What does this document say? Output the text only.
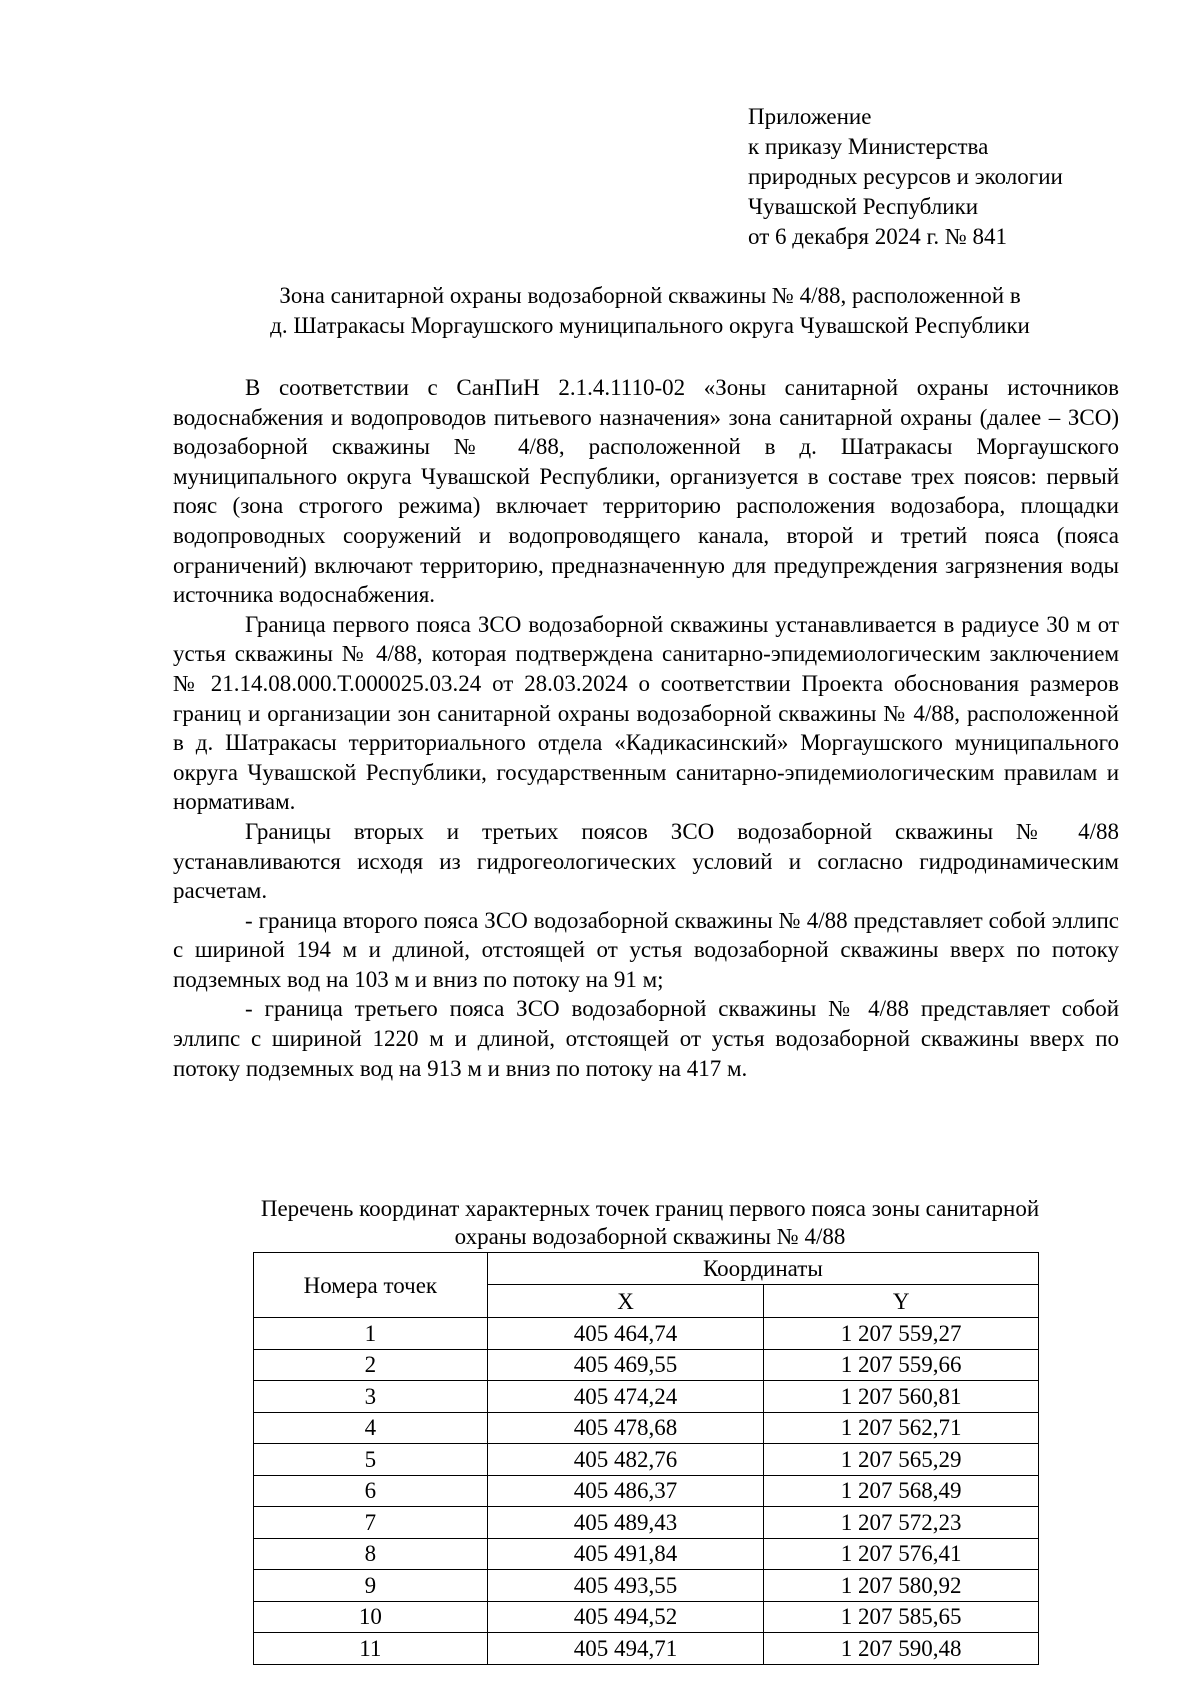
Приложение
к приказу Министерства
природных ресурсов и экологии
Чувашской Республики
от 6 декабря 2024 г. № 841
Зона санитарной охраны водозаборной скважины № 4/88, расположенной в
д. Шатракасы Моргаушского муниципального округа Чувашской Республики

В соответствии с СанПиН 2.1.4.1110-02 «Зоны санитарной охраны источников водоснабжения и водопроводов питьевого назначения» зона санитарной охраны (далее – ЗСО) водозаборной скважины № 4/88, расположенной в д. Шатракасы Моргаушского муниципального округа Чувашской Республики, организуется в составе трех поясов: первый пояс (зона строгого режима) включает территорию расположения водозабора, площадки водопроводных сооружений и водопроводящего канала, второй и третий пояса (пояса ограничений) включают территорию, предназначенную для предупреждения загрязнения воды источника водоснабжения.

Граница первого пояса ЗСО водозаборной скважины устанавливается в радиусе 30 м от устья скважины № 4/88, которая подтверждена санитарно-эпидемиологическим заключением № 21.14.08.000.Т.000025.03.24 от 28.03.2024 о соответствии Проекта обоснования размеров границ и организации зон санитарной охраны водозаборной скважины № 4/88, расположенной в д. Шатракасы территориального отдела «Кадикасинский» Моргаушского муниципального округа Чувашской Республики, государственным санитарно-эпидемиологическим правилам и нормативам.

Границы вторых и третьих поясов ЗСО водозаборной скважины № 4/88 устанавливаются исходя из гидрогеологических условий и согласно гидродинамическим расчетам.

- граница второго пояса ЗСО водозаборной скважины № 4/88 представляет собой эллипс с шириной 194 м и длиной, отстоящей от устья водозаборной скважины вверх по потоку подземных вод на 103 м и вниз по потоку на 91 м;

- граница третьего пояса ЗСО водозаборной скважины № 4/88 представляет собой эллипс с шириной 1220 м и длиной, отстоящей от устья водозаборной скважины вверх по потоку подземных вод на 913 м и вниз по потоку на 417 м.

Перечень координат характерных точек границ первого пояса зоны санитарной
охраны водозаборной скважины № 4/88
Номера точек	Координаты	
	X	Y
1	405 464,74	1 207 559,27
2	405 469,55	1 207 559,66
3	405 474,24	1 207 560,81
4	405 478,68	1 207 562,71
5	405 482,76	1 207 565,29
6	405 486,37	1 207 568,49
7	405 489,43	1 207 572,23
8	405 491,84	1 207 576,41
9	405 493,55	1 207 580,92
10	405 494,52	1 207 585,65
11	405 494,71	1 207 590,48
